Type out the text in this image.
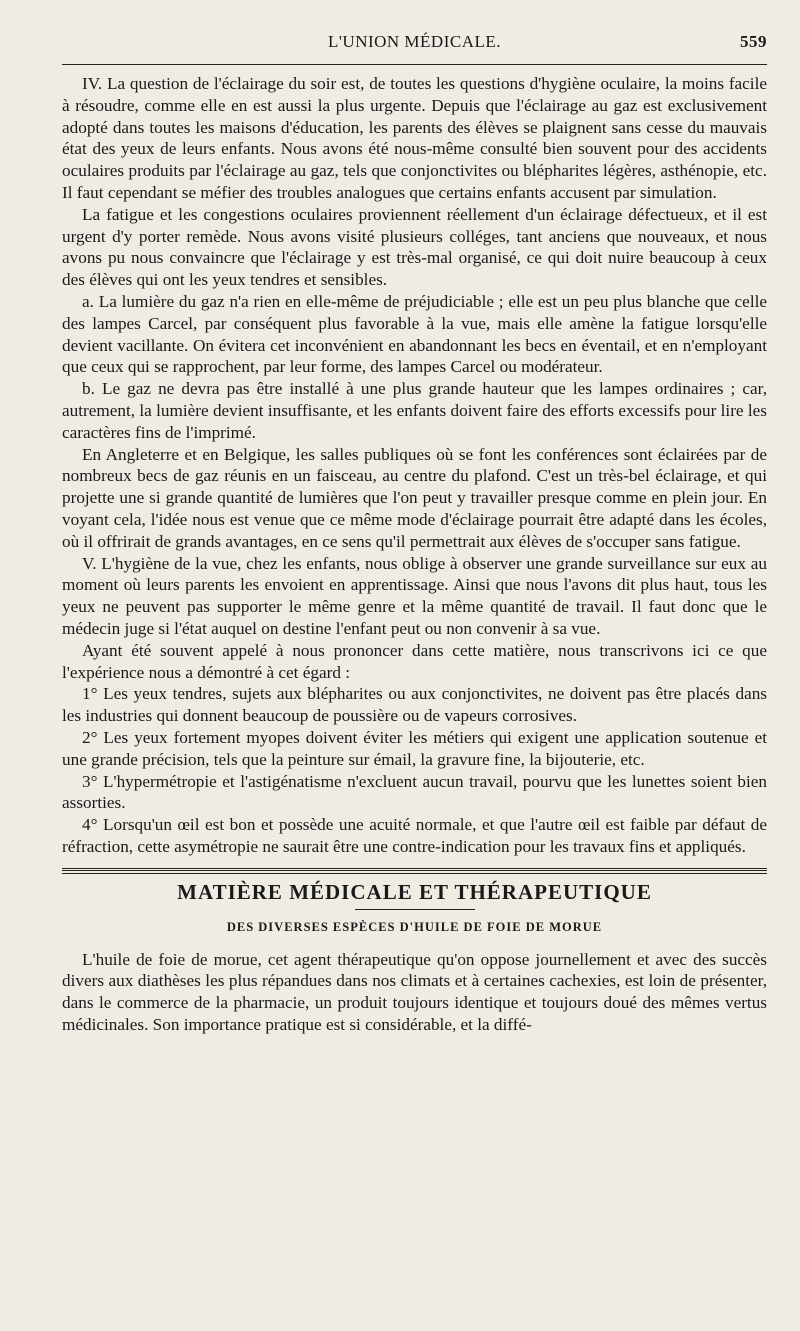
L'UNION MÉDICALE.	559

IV. La question de l'éclairage du soir est, de toutes les questions d'hygiène oculaire, la moins facile à résoudre, comme elle en est aussi la plus urgente. Depuis que l'éclairage au gaz est exclusivement adopté dans toutes les maisons d'éducation, les parents des élèves se plaignent sans cesse du mauvais état des yeux de leurs enfants. Nous avons été nous-même consulté bien souvent pour des accidents oculaires produits par l'éclairage au gaz, tels que conjonctivites ou blépharites légères, asthénopie, etc. Il faut cependant se méfier des troubles analogues que certains enfants accusent par simulation.

La fatigue et les congestions oculaires proviennent réellement d'un éclairage défectueux, et il est urgent d'y porter remède. Nous avons visité plusieurs colléges, tant anciens que nouveaux, et nous avons pu nous convaincre que l'éclairage y est très-mal organisé, ce qui doit nuire beaucoup à ceux des élèves qui ont les yeux tendres et sensibles.

a. La lumière du gaz n'a rien en elle-même de préjudiciable ; elle est un peu plus blanche que celle des lampes Carcel, par conséquent plus favorable à la vue, mais elle amène la fatigue lorsqu'elle devient vacillante. On évitera cet inconvénient en abandonnant les becs en éventail, et en n'employant que ceux qui se rapprochent, par leur forme, des lampes Carcel ou modérateur.

b. Le gaz ne devra pas être installé à une plus grande hauteur que les lampes ordinaires ; car, autrement, la lumière devient insuffisante, et les enfants doivent faire des efforts excessifs pour lire les caractères fins de l'imprimé.

En Angleterre et en Belgique, les salles publiques où se font les conférences sont éclairées par de nombreux becs de gaz réunis en un faisceau, au centre du plafond. C'est un très-bel éclairage, et qui projette une si grande quantité de lumières que l'on peut y travailler presque comme en plein jour. En voyant cela, l'idée nous est venue que ce même mode d'éclairage pourrait être adapté dans les écoles, où il offrirait de grands avantages, en ce sens qu'il permettrait aux élèves de s'occuper sans fatigue.

V. L'hygiène de la vue, chez les enfants, nous oblige à observer une grande surveillance sur eux au moment où leurs parents les envoient en apprentissage. Ainsi que nous l'avons dit plus haut, tous les yeux ne peuvent pas supporter le même genre et la même quantité de travail. Il faut donc que le médecin juge si l'état auquel on destine l'enfant peut ou non convenir à sa vue.

Ayant été souvent appelé à nous prononcer dans cette matière, nous transcrivons ici ce que l'expérience nous a démontré à cet égard :

1° Les yeux tendres, sujets aux blépharites ou aux conjonctivites, ne doivent pas être placés dans les industries qui donnent beaucoup de poussière ou de vapeurs corrosives.

2° Les yeux fortement myopes doivent éviter les métiers qui exigent une application soutenue et une grande précision, tels que la peinture sur émail, la gravure fine, la bijouterie, etc.

3° L'hypermétropie et l'astigénatisme n'excluent aucun travail, pourvu que les lunettes soient bien assorties.

4° Lorsqu'un œil est bon et possède une acuité normale, et que l'autre œil est faible par défaut de réfraction, cette asymétropie ne saurait être une contre-indication pour les travaux fins et appliqués.

MATIÈRE MÉDICALE ET THÉRAPEUTIQUE
DES DIVERSES ESPÈCES D'HUILE DE FOIE DE MORUE

L'huile de foie de morue, cet agent thérapeutique qu'on oppose journellement et avec des succès divers aux diathèses les plus répandues dans nos climats et à certaines cachexies, est loin de présenter, dans le commerce de la pharmacie, un produit toujours identique et toujours doué des mêmes vertus médicinales. Son importance pratique est si considérable, et la diffé-
